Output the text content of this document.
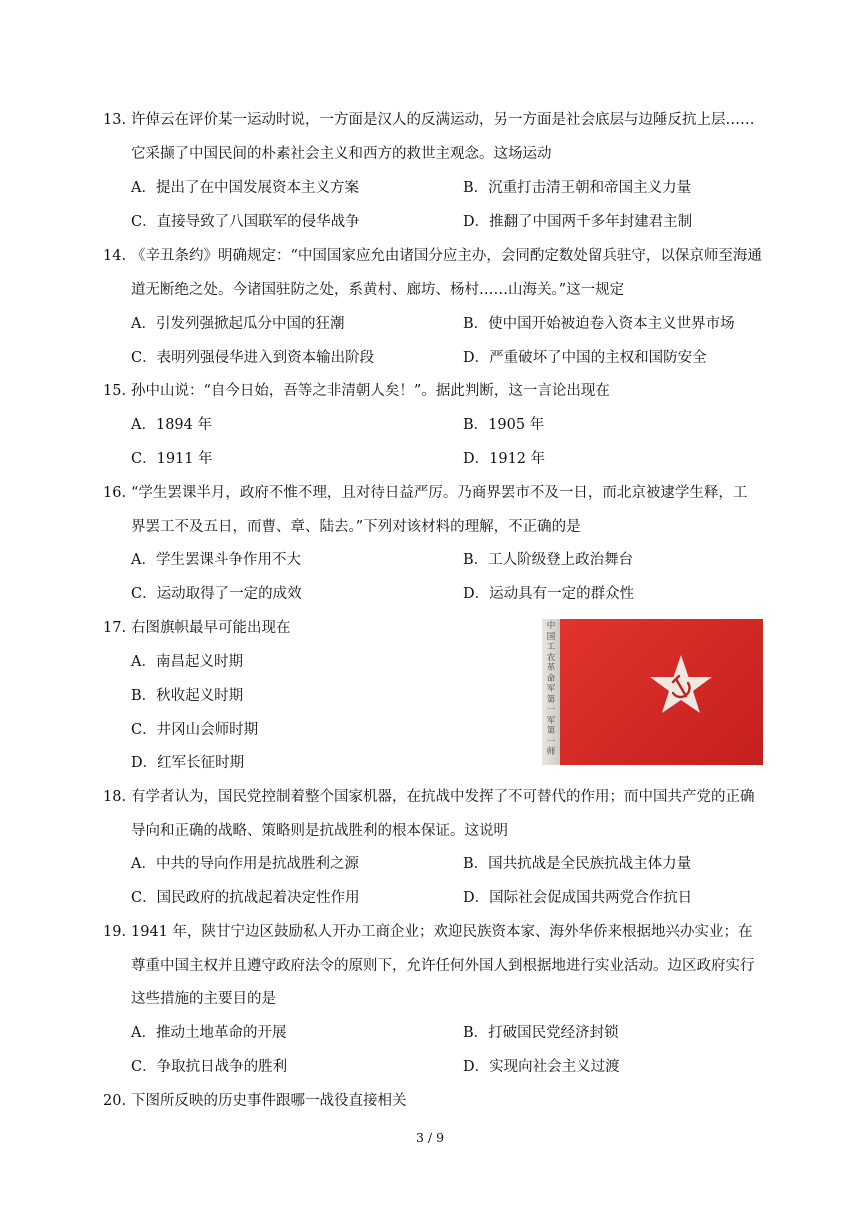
13. 许倬云在评价某一运动时说，一方面是汉人的反满运动，另一方面是社会底层与边陲反抗上层……
它采撷了中国民间的朴素社会主义和西方的救世主观念。这场运动
A．提出了在中国发展资本主义方案	B．沉重打击清王朝和帝国主义力量
C．直接导致了八国联军的侵华战争	D．推翻了中国两千多年封建君主制
14. 《辛丑条约》明确规定：“中国国家应允由诸国分应主办，会同酌定数处留兵驻守，以保京师至海通
道无断绝之处。今诸国驻防之处，系黄村、廊坊、杨村……山海关。”这一规定
A．引发列强掀起瓜分中国的狂潮	B．使中国开始被迫卷入资本主义世界市场
C．表明列强侵华进入到资本输出阶段	D．严重破坏了中国的主权和国防安全
15. 孙中山说：“自今日始，吾等之非清朝人矣！”。据此判断，这一言论出现在
A．1894 年	B．1905 年
C．1911 年	D．1912 年
16. “学生罢课半月，政府不惟不理，且对待日益严厉。乃商界罢市不及一日，而北京被逮学生释，工
界罢工不及五日，而曹、章、陆去。”下列对该材料的理解，不正确的是
A．学生罢课斗争作用不大	B．工人阶级登上政治舞台
C．运动取得了一定的成效	D．运动具有一定的群众性
17. 右图旗帜最早可能出现在
A．南昌起义时期
B．秋收起义时期
C．井冈山会师时期
D．红军长征时期
中
国
工
农
革
命
军
第
一
军
第
一
师
18. 有学者认为，国民党控制着整个国家机器，在抗战中发挥了不可替代的作用；而中国共产党的正确
导向和正确的战略、策略则是抗战胜利的根本保证。这说明
A．中共的导向作用是抗战胜利之源	B．国共抗战是全民族抗战主体力量
C．国民政府的抗战起着决定性作用	D．国际社会促成国共两党合作抗日
19. 1941 年，陕甘宁边区鼓励私人开办工商企业；欢迎民族资本家、海外华侨来根据地兴办实业；在
尊重中国主权并且遵守政府法令的原则下，允许任何外国人到根据地进行实业活动。边区政府实行
这些措施的主要目的是
A．推动土地革命的开展	B．打破国民党经济封锁
C．争取抗日战争的胜利	D．实现向社会主义过渡
20. 下图所反映的历史事件跟哪一战役直接相关
3 / 9
